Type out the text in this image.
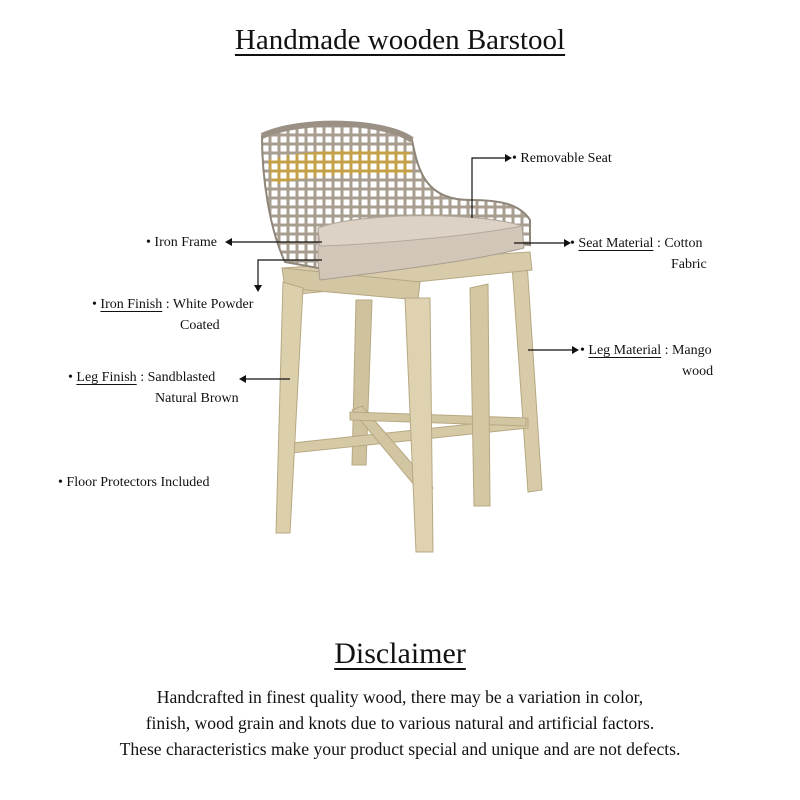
Handmade wooden Barstool
• Removable Seat
• Iron Frame
• Iron Finish : White Powder
Coated
• Seat Material : Cotton
Fabric
• Leg Material : Mango
wood
• Leg Finish : Sandblasted
Natural Brown
• Floor Protectors Included
Disclaimer
Handcrafted in finest quality wood, there may be a variation in color,
finish, wood grain and knots due to various natural and artificial factors.
These characteristics make your product special and unique and are not defects.
